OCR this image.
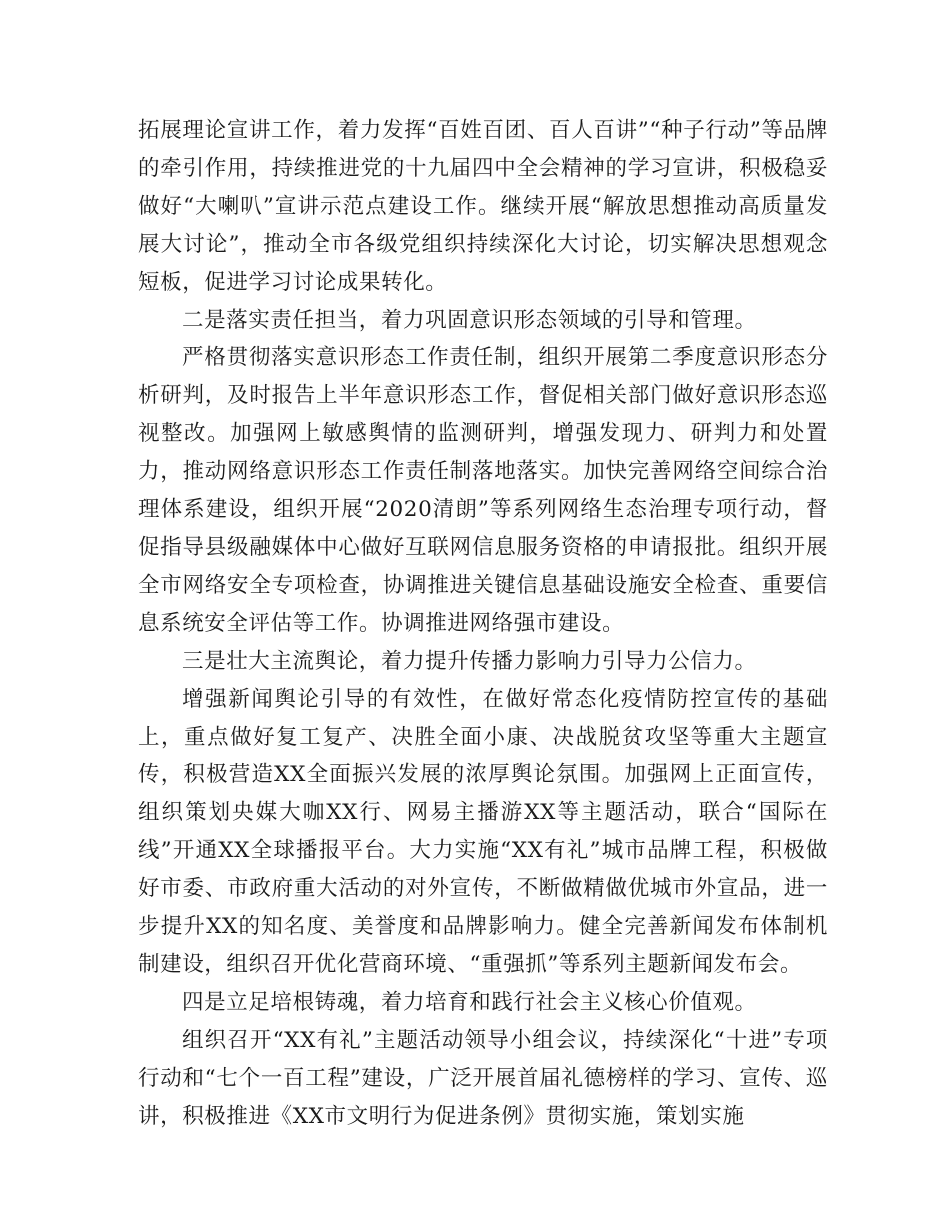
拓展理论宣讲工作，着力发挥“百姓百团、百人百讲”“种子行动”等品牌的牵引作用，持续推进党的十九届四中全会精神的学习宣讲，积极稳妥做好“大喇叭”宣讲示范点建设工作。继续开展“解放思想推动高质量发展大讨论”，推动全市各级党组织持续深化大讨论，切实解决思想观念短板，促进学习讨论成果转化。

二是落实责任担当，着力巩固意识形态领域的引导和管理。

严格贯彻落实意识形态工作责任制，组织开展第二季度意识形态分析研判，及时报告上半年意识形态工作，督促相关部门做好意识形态巡视整改。加强网上敏感舆情的监测研判，增强发现力、研判力和处置力，推动网络意识形态工作责任制落地落实。加快完善网络空间综合治理体系建设，组织开展“2020清朗”等系列网络生态治理专项行动，督促指导县级融媒体中心做好互联网信息服务资格的申请报批。组织开展全市网络安全专项检查，协调推进关键信息基础设施安全检查、重要信息系统安全评估等工作。协调推进网络强市建设。

三是壮大主流舆论，着力提升传播力影响力引导力公信力。

增强新闻舆论引导的有效性，在做好常态化疫情防控宣传的基础上，重点做好复工复产、决胜全面小康、决战脱贫攻坚等重大主题宣传，积极营造XX全面振兴发展的浓厚舆论氛围。加强网上正面宣传，组织策划央媒大咖XX行、网易主播游XX等主题活动，联合“国际在线”开通XX全球播报平台。大力实施“XX有礼”城市品牌工程，积极做好市委、市政府重大活动的对外宣传，不断做精做优城市外宣品，进一步提升XX的知名度、美誉度和品牌影响力。健全完善新闻发布体制机制建设，组织召开优化营商环境、“重强抓”等系列主题新闻发布会。

四是立足培根铸魂，着力培育和践行社会主义核心价值观。

组织召开“XX有礼”主题活动领导小组会议，持续深化“十进”专项行动和“七个一百工程”建设，广泛开展首届礼德榜样的学习、宣传、巡讲，积极推进《XX市文明行为促进条例》贯彻实施，策划实施
